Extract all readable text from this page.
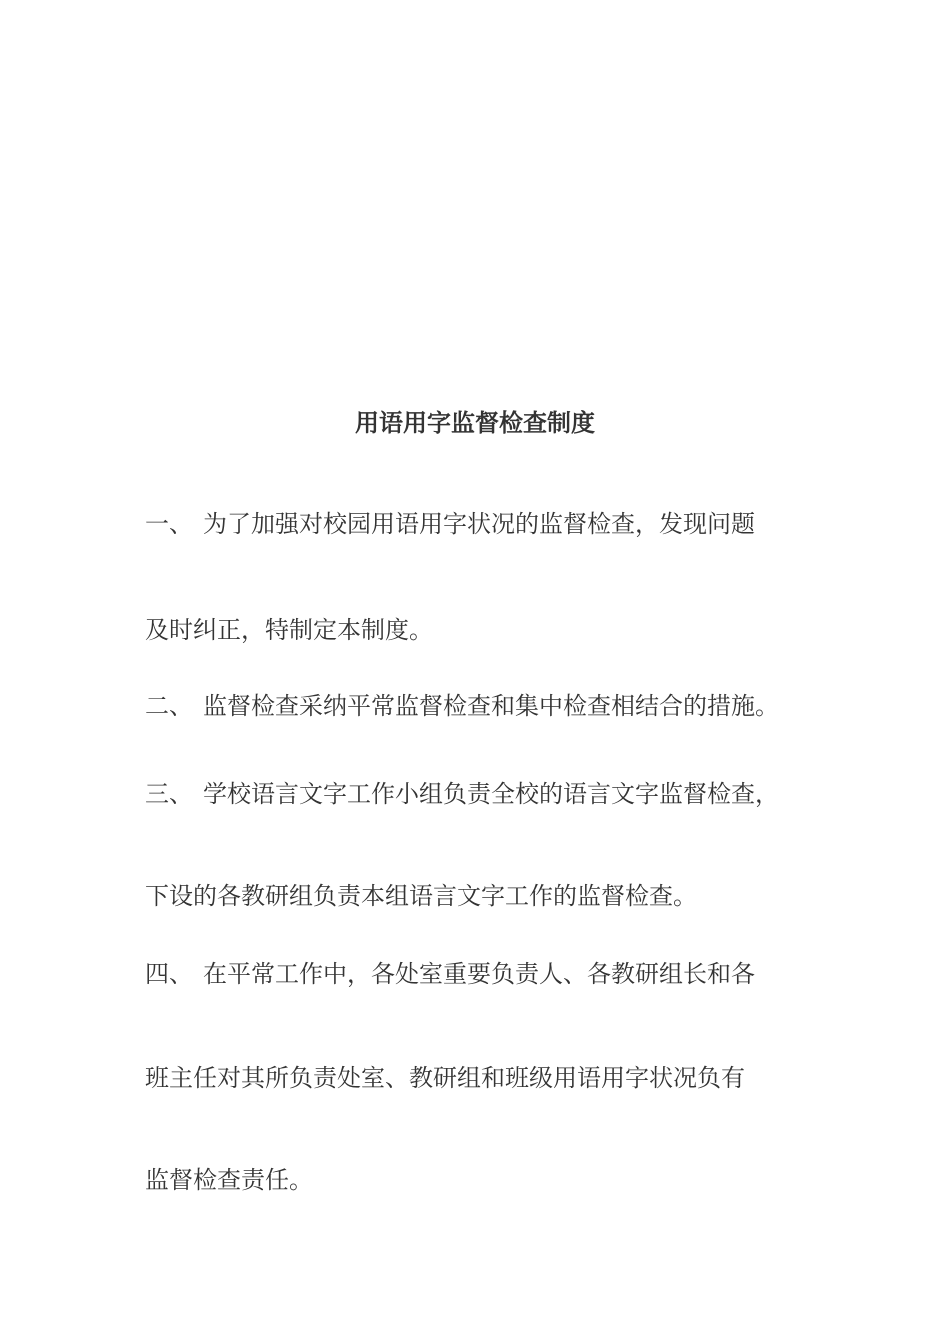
用语用字监督检查制度
一、 为了加强对校园用语用字状况的监督检查，发现问题
及时纠正，特制定本制度。
二、 监督检查采纳平常监督检查和集中检查相结合的措施。
三、 学校语言文字工作小组负责全校的语言文字监督检查，
下设的各教研组负责本组语言文字工作的监督检查。
四、 在平常工作中，各处室重要负责人、各教研组长和各
班主任对其所负责处室、教研组和班级用语用字状况负有
监督检查责任。
